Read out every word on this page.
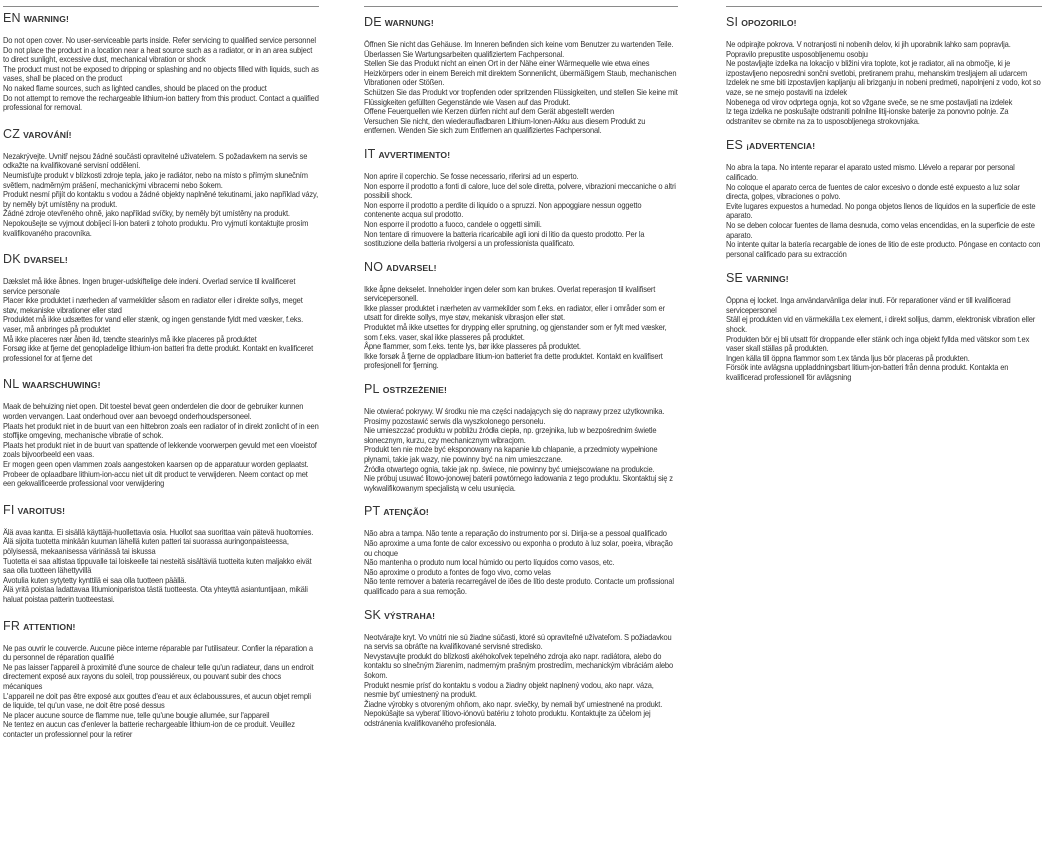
EN WARNING!
Do not open cover. No user-serviceable parts inside. Refer servicing to qualified service personnel
Do not place the product in a location near a heat source such as a radiator, or in an area subject to direct sunlight, excessive dust, mechanical vibration or shock
The product must not be exposed to dripping or splashing and no objects filled with liquids, such as vases, shall be placed on the product
No naked flame sources, such as lighted candles, should be placed on the product
Do not attempt to remove the rechargeable lithium-ion battery from this product. Contact a qualified professional for removal.
CZ VAROVÁNÍ!
Nezakrývejte. Uvnitř nejsou žádné součásti opravitelné uživatelem. S požadavkem na servis se odkažte na kvalifikované servisní oddělení.
Neumisťujte produkt v blízkosti zdroje tepla, jako je radiátor, nebo na místo s přímým slunečním světlem, nadměrným prášení, mechanickými vibracemi nebo šokem.
Produkt nesmí přijít do kontaktu s vodou a žádné objekty naplněné tekutinami, jako například vázy, by neměly být umístěny na produkt.
Žádné zdroje otevřeného ohně, jako například svíčky, by neměly být umístěny na produkt.
Nepokoušejte se vyjmout dobíjecí li-ion baterii z tohoto produktu. Pro vyjmutí kontaktujte prosím kvalifikovaného pracovníka.
DK DVARSEL!
Dækslet må ikke åbnes. Ingen bruger-udskiftelige dele indeni. Overlad service til kvalificeret service personale
Placer ikke produktet i nærheden af varmekilder såsom en radiator eller i direkte sollys, meget støv, mekaniske vibrationer eller stød
Produktet må ikke udsættes for vand eller stænk, og ingen genstande fyldt med væsker, f.eks. vaser, må anbringes på produktet
Må ikke placeres nær åben ild, tændte stearinlys må ikke placeres på produktet
Forsøg ikke at fjerne det genopladelige lithium-ion batteri fra dette produkt. Kontakt en kvalificeret professionel for at fjerne det
NL WAARSCHUWING!
Maak de behuizing niet open. Dit toestel bevat geen onderdelen die door de gebruiker kunnen worden vervangen. Laat onderhoud over aan bevoegd onderhoudspersoneel.
Plaats het produkt niet in de buurt van een hittebron zoals een radiator of in direkt zonlicht of in een stoffijke omgeving, mechanische vibratie of schok.
Plaats het produkt niet in de buurt van spattende of lekkende voorwerpen gevuld met een vloeistof zoals bijvoorbeeld een vaas.
Er mogen geen open vlammen zoals aangestoken kaarsen op de apparatuur worden geplaatst.
Probeer de oplaadbare lithium-ion-accu niet uit dit product te verwijderen. Neem contact op met een gekwalificeerde professional voor verwijdering
FI VAROITUS!
Älä avaa kantta. Ei sisällä käyttäjä-huollettavia osia. Huollot saa suorittaa vain pätevä huoltomies.
Älä sijoita tuotetta minkään kuuman lähellä kuten patteri tai suorassa auringonpaisteessa, pölyisessä, mekaanisessa värinässä tai iskussa
Tuotetta ei saa altistaa tippuvalle tai loiskeelle tai nesteitä sisältäviä tuotteita kuten maljakko eivät saa olla tuotteen lähettyvillä
Avotulia kuten sytytetty kynttilä ei saa olla tuotteen päällä.
Älä yritä poistaa ladattavaa litiumioniparistoa tästä tuotteesta. Ota yhteyttä asiantuntijaan, mikäli haluat poistaa patterin tuotteestasi.
FR ATTENTION!
Ne pas ouvrir le couvercle. Aucune pièce interne réparable par l'utilisateur. Confier la réparation a du personnel de réparation qualifié
Ne pas laisser l'appareil à proximité d'une source de chaleur telle qu'un radiateur, dans un endroit directement exposé aux rayons du soleil, trop poussiéreux, ou pouvant subir des chocs mécaniques
L'appareil ne doit pas être exposé aux gouttes d'eau et aux éclaboussures, et aucun objet rempli de liquide, tel qu'un vase, ne doit être posé dessus
Ne placer aucune source de flamme nue, telle qu'une bougie allumée, sur l'appareil
Ne tentez en aucun cas d'enlever la batterie rechargeable lithium-ion de ce produit. Veuillez contacter un professionnel pour la retirer
DE WARNUNG!
Öffnen Sie nicht das Gehäuse. Im Inneren befinden sich keine vom Benutzer zu wartenden Teile. Überlassen Sie Wartungsarbeiten qualifiziertem Fachpersonal.
Stellen Sie das Produkt nicht an einen Ort in der Nähe einer Wärmequelle wie etwa eines Heizkörpers oder in einem Bereich mit direktem Sonnenlicht, übermäßigem Staub, mechanischen Vibrationen oder Stößen.
Schützen Sie das Produkt vor tropfenden oder spritzenden Flüssigkeiten, und stellen Sie keine mit Flüssigkeiten gefüllten Gegenstände wie Vasen auf das Produkt.
Offene Feuerquellen wie Kerzen dürfen nicht auf dem Gerät abgestellt werden
Versuchen Sie nicht, den wiederaufladbaren Lithium-Ionen-Akku aus diesem Produkt zu entfernen. Wenden Sie sich zum Entfernen an qualifiziertes Fachpersonal.
IT AVVERTIMENTO!
Non aprire il coperchio. Se fosse necessario, riferirsi ad un esperto.
Non esporre il prodotto a fonti di calore, luce del sole diretta, polvere, vibrazioni meccaniche o altri possibili shock.
Non esporre il prodotto a perdite di liquido o a spruzzi. Non appoggiare nessun oggetto contenente acqua sul prodotto.
Non esporre il prodotto a fuoco, candele o oggetti simili.
Non tentare di rimuovere la batteria ricaricabile agli ioni di litio da questo prodotto. Per la sostituzione della batteria rivolgersi a un professionista qualificato.
NO ADVARSEL!
Ikke åpne dekselet. Inneholder ingen deler som kan brukes. Overlat reperasjon til kvalifisert servicepersonell.
Ikke plasser produktet i nærheten av varmekilder som f.eks. en radiator, eller i områder som er utsatt for direkte sollys, mye støv, mekanisk vibrasjon eller støt.
Produktet må ikke utsettes for drypping eller sprutning, og gjenstander som er fylt med væsker, som f.eks. vaser, skal ikke plasseres på produktet.
Åpne flammer, som f.eks. tente lys, bør ikke plasseres på produktet.
Ikke forsøk å fjerne de oppladbare litium-ion batteriet fra dette produktet. Kontakt en kvalifisert profesjonell for fjerning.
PL OSTRZEŻENIE!
Nie otwierać pokrywy. W środku nie ma części nadających się do naprawy przez użytkownika. Prosimy pozostawić serwis dla wyszkolonego personelu.
Nie umieszczać produktu w pobliżu źródła ciepła, np. grzejnika, lub w bezpośrednim świetle słonecznym, kurzu, czy mechanicznym wibracjom.
Produkt ten nie może być eksponowany na kapanie lub chlapanie, a przedmioty wypełnione płynami, takie jak wazy, nie powinny być na nim umieszczane.
Źródła otwartego ognia, takie jak np. świece, nie powinny być umiejscowiane na produkcie.
Nie próbuj usuwać litowo-jonowej baterii powtórnego ładowania z tego produktu. Skontaktuj się z wykwalifikowanym specjalistą w celu usunięcia.
PT ATENÇÃO!
Não abra a tampa. Não tente a reparação do instrumento por si. Dirija-se a pessoal qualificado
Não aproxime a uma fonte de calor excessivo ou exponha o produto à luz solar, poeira, vibração ou choque
Não mantenha o produto num local húmido ou perto líquidos como vasos, etc.
Não aproxime o produto a fontes de fogo vivo, como velas
Não tente remover a bateria recarregável de iões de lítio deste produto. Contacte um profissional qualificado para a sua remoção.
SK VÝSTRAHA!
Neotvárajte kryt. Vo vnútri nie sú žiadne súčasti, ktoré sú opraviteľné užívateľom. S požiadavkou na servis sa obráťte na kvalifikované servisné stredisko.
Nevystavujte produkt do blízkosti akéhokoľvek tepelného zdroja ako napr. radiátora, alebo do kontaktu so slnečným žiarením, nadmerným prašným prostredím, mechanickým vibráciám alebo šokom.
Produkt nesmie prísť do kontaktu s vodou a žiadny objekt naplnený vodou, ako napr. váza, nesmie byť umiestnený na produkt.
Žiadne výrobky s otvoreným ohňom, ako napr. sviečky, by nemali byť umiestnené na produkt.
Nepokúšajte sa vyberať lítiovo-iónovú batériu z tohoto produktu. Kontaktujte za účelom jej odstránenia kvalifikovaného profesionála.
SI OPOZORILO!
Ne odpirajte pokrova. V notranjosti ni nobenih delov, ki jih uporabnik lahko sam popravlja. Popravilo prepustite usposobljenemu osobju
Ne postavljajte izdelka na lokacijo v bližini vira toplote, kot je radiator, ali na območje, ki je izpostavljeno neposredni sončni svetlobi, pretiranem prahu, mehanskim tresljajem ali udarcem
Izdelek ne sme biti izpostavljen kapljanju ali brizganju in nobeni predmeti, napolnjeni z vodo, kot so vaze, se ne smejo postaviti na izdelek
Nobenega od virov odprtega ognja, kot so vžgane sveče, se ne sme postavljati na izdelek
Iz tega izdelka ne poskušajte odstraniti polnilne litij-ionske baterije za ponovno polnje. Za odstranitev se obrnite na za to usposobljenega strokovnjaka.
ES ¡ADVERTENCIA!
No abra la tapa. No intente reparar el aparato usted mismo. Llévelo a reparar por personal calificado.
No coloque el aparato cerca de fuentes de calor excesivo o donde esté expuesto a luz solar directa, golpes, vibraciones o polvo.
Evite lugares expuestos a humedad. No ponga objetos llenos de líquidos en la superficie de este aparato.
No se deben colocar fuentes de llama desnuda, como velas encendidas, en la superficie de este aparato.
No intente quitar la batería recargable de iones de litio de este producto. Póngase en contacto con personal calificado para su extracción
SE VARNING!
Öppna ej locket. Inga användarvänliga delar inuti. För reparationer vänd er till kvalificerad servicepersonel
Ställ ej produkten vid en värmekälla t.ex element, i direkt solljus, damm, elektronisk vibration eller shock.
Produkten bör ej bli utsatt för droppande eller stänk och inga objekt fyllda med vätskor som t.ex vaser skall ställas på produkten.
Ingen källa till öppna flammor som t.ex tända ljus bör placeras på produkten.
Försök inte avlägsna uppladdningsbart litium-jon-batteri från denna produkt. Kontakta en kvalificerad professionell för avlägsning
